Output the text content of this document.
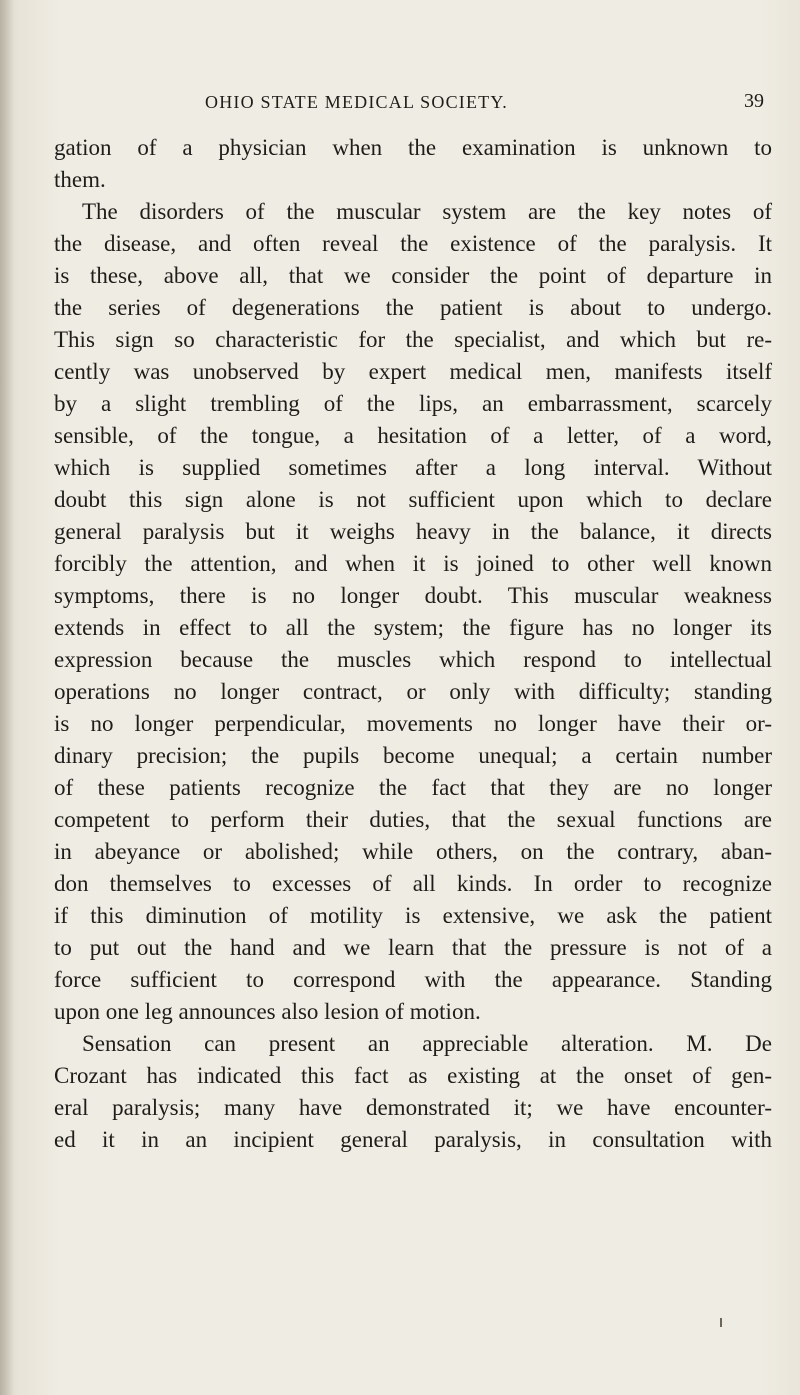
OHIO STATE MEDICAL SOCIETY.	39
gation of a physician when the examination is unknown to
them.
The disorders of the muscular system are the key notes of
the disease, and often reveal the existence of the paralysis. It
is these, above all, that we consider the point of departure in
the series of degenerations the patient is about to undergo.
This sign so characteristic for the specialist, and which but re-
cently was unobserved by expert medical men, manifests itself
by a slight trembling of the lips, an embarrassment, scarcely
sensible, of the tongue, a hesitation of a letter, of a word,
which is supplied sometimes after a long interval. Without
doubt this sign alone is not sufficient upon which to declare
general paralysis but it weighs heavy in the balance, it directs
forcibly the attention, and when it is joined to other well known
symptoms, there is no longer doubt. This muscular weakness
extends in effect to all the system; the figure has no longer its
expression because the muscles which respond to intellectual
operations no longer contract, or only with difficulty; standing
is no longer perpendicular, movements no longer have their or-
dinary precision; the pupils become unequal; a certain number
of these patients recognize the fact that they are no longer
competent to perform their duties, that the sexual functions are
in abeyance or abolished; while others, on the contrary, aban-
don themselves to excesses of all kinds. In order to recognize
if this diminution of motility is extensive, we ask the patient
to put out the hand and we learn that the pressure is not of a
force sufficient to correspond with the appearance. Standing
upon one leg announces also lesion of motion.
Sensation can present an appreciable alteration. M. De
Crozant has indicated this fact as existing at the onset of gen-
eral paralysis; many have demonstrated it; we have encounter-
ed it in an incipient general paralysis, in consultation with
